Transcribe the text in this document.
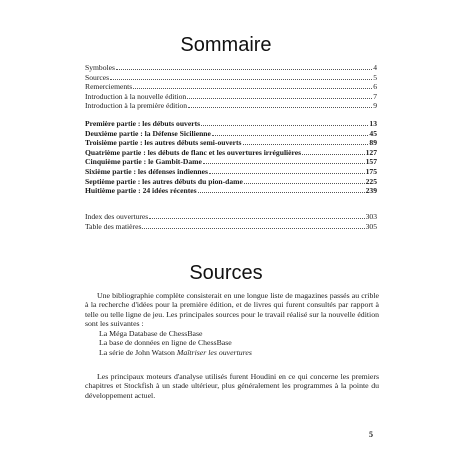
Sommaire
Symboles	4
Sources	5
Remerciements	6
Introduction à la nouvelle édition	7
Introduction à la première édition	9
Première partie : les débuts ouverts	13
Deuxième partie : la Défense Sicilienne	45
Troisième partie : les autres débuts semi-ouverts	89
Quatrième partie : les débuts de flanc et les ouvertures irrégulières	127
Cinquième partie : le Gambit-Dame	157
Sixième partie : les défenses indiennes	175
Septième partie : les autres débuts du pion-dame	225
Huitième partie : 24 idées récentes	239
Index des ouvertures	303
Table des matières	305
Sources

Une bibliographie complète consisterait en une longue liste de magazines passés au crible à la recherche d'idées pour la première édition, et de livres qui furent consultés par rapport à telle ou telle ligne de jeu. Les principales sources pour le travail réalisé sur la nouvelle édition sont les suivantes :

La Méga Database de ChessBase
La base de données en ligne de ChessBase
La série de John Watson Maîtriser les ouvertures

Les principaux moteurs d'analyse utilisés furent Houdini en ce qui concerne les premiers chapitres et Stockfish à un stade ultérieur, plus généralement les programmes à la pointe du développement actuel.

5
